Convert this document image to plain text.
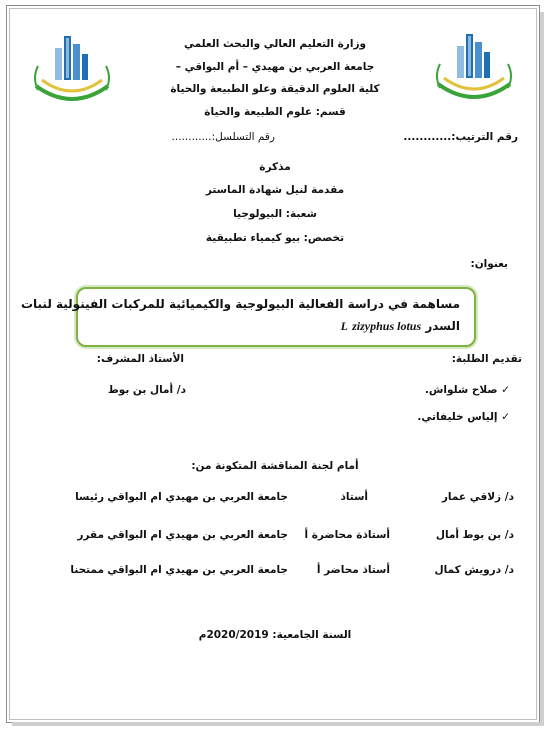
وزارة التعليم العالي والبحث العلمي
جامعة العربي بن مهيدي – أم البواقي –
كلية العلوم الدقيقة وعلو الطبيعة والحياة
قسم: علوم الطبيعة والحياة
رقم الترتيب:............
رقم التسلسل:............
مذكرة
مقدمة لنيل شهادة الماستر
شعبة: البيولوجيا
تخصص: بيو كيمياء تطبيقية
بعنوان:
مساهمة في دراسة الفعالية البيولوجية والكيميائية للمركبات الفينولية لنبات
السدر L zizyphus lotus
تقديم الطلبة:
الأستاذ المشرف:
✓ صلاح شلواش.
✓ إلياس خليفاتي.
د/ أمال بن بوط
أمام لجنة المناقشة المتكونة من:
د/ زلاقي عمار
أستاذ
جامعة العربي بن مهيدي ام البواقي
رئيسا
د/ بن بوط أمال
أستاذة محاضرة أ
جامعة العربي بن مهيدي ام البواقي
مقرر
د/ درويش كمال
أستاذ محاضر أ
جامعة العربي بن مهيدي ام البواقي
ممتحنا
السنة الجامعية: 2020/2019م
